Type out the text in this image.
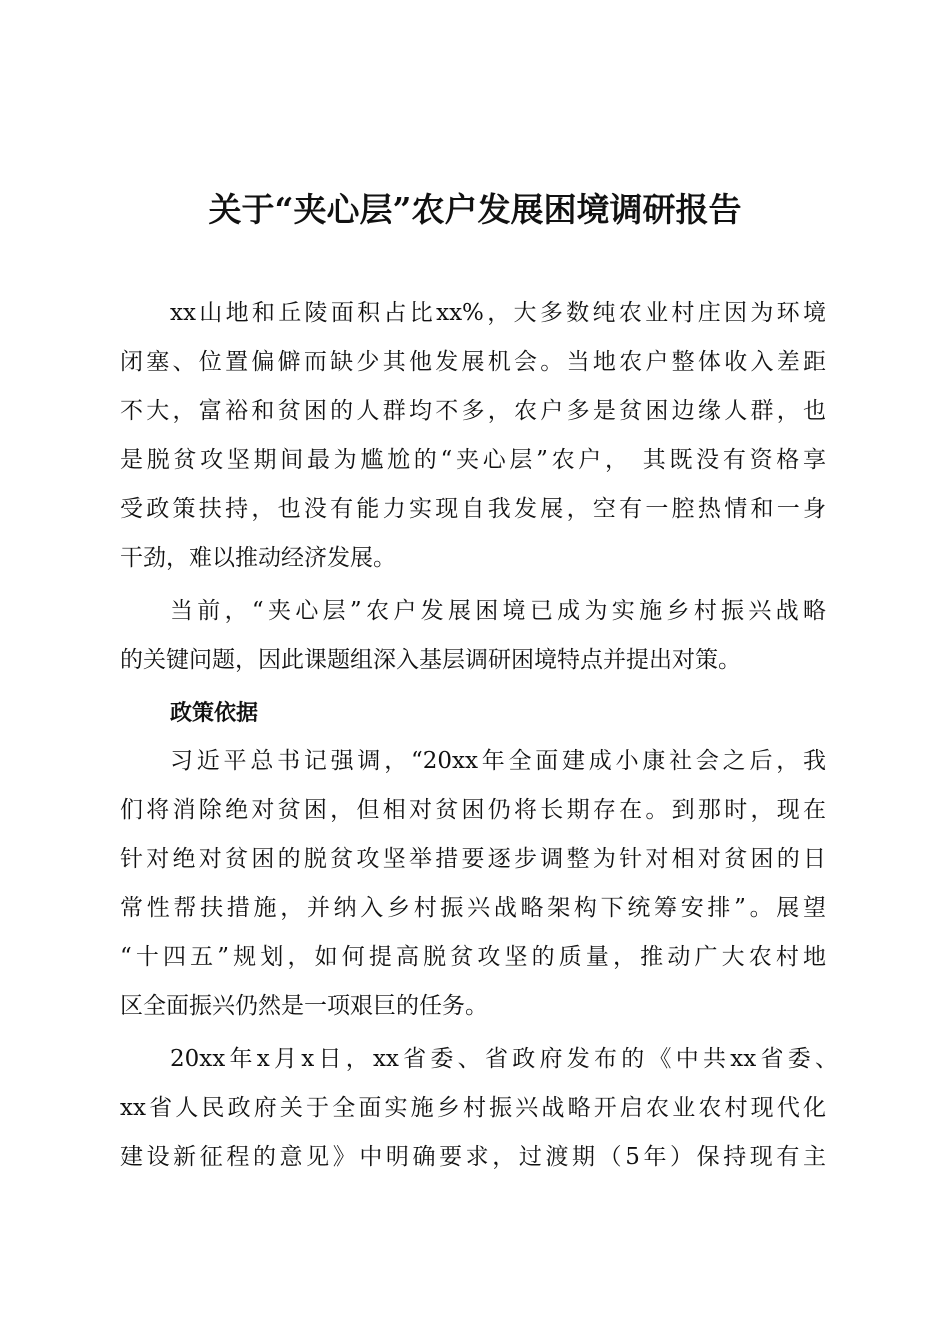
关于“夹心层”农户发展困境调研报告
xx山地和丘陵面积占比xx%，大多数纯农业村庄因为环境
闭塞、位置偏僻而缺少其他发展机会。当地农户整体收入差距
不大，富裕和贫困的人群均不多，农户多是贫困边缘人群，也
是脱贫攻坚期间最为尴尬的“夹心层”农户， 其既没有资格享
受政策扶持，也没有能力实现自我发展，空有一腔热情和一身
干劲，难以推动经济发展。
当前，“夹心层”农户发展困境已成为实施乡村振兴战略
的关键问题，因此课题组深入基层调研困境特点并提出对策。
政策依据
习近平总书记强调，“20xx年全面建成小康社会之后，我
们将消除绝对贫困，但相对贫困仍将长期存在。到那时，现在
针对绝对贫困的脱贫攻坚举措要逐步调整为针对相对贫困的日
常性帮扶措施，并纳入乡村振兴战略架构下统筹安排”。展望
“十四五”规划，如何提高脱贫攻坚的质量，推动广大农村地
区全面振兴仍然是一项艰巨的任务。
20xx年x月x日，xx省委、省政府发布的《中共xx省委、
xx省人民政府关于全面实施乡村振兴战略开启农业农村现代化
建设新征程的意见》中明确要求，过渡期（5年）保持现有主
